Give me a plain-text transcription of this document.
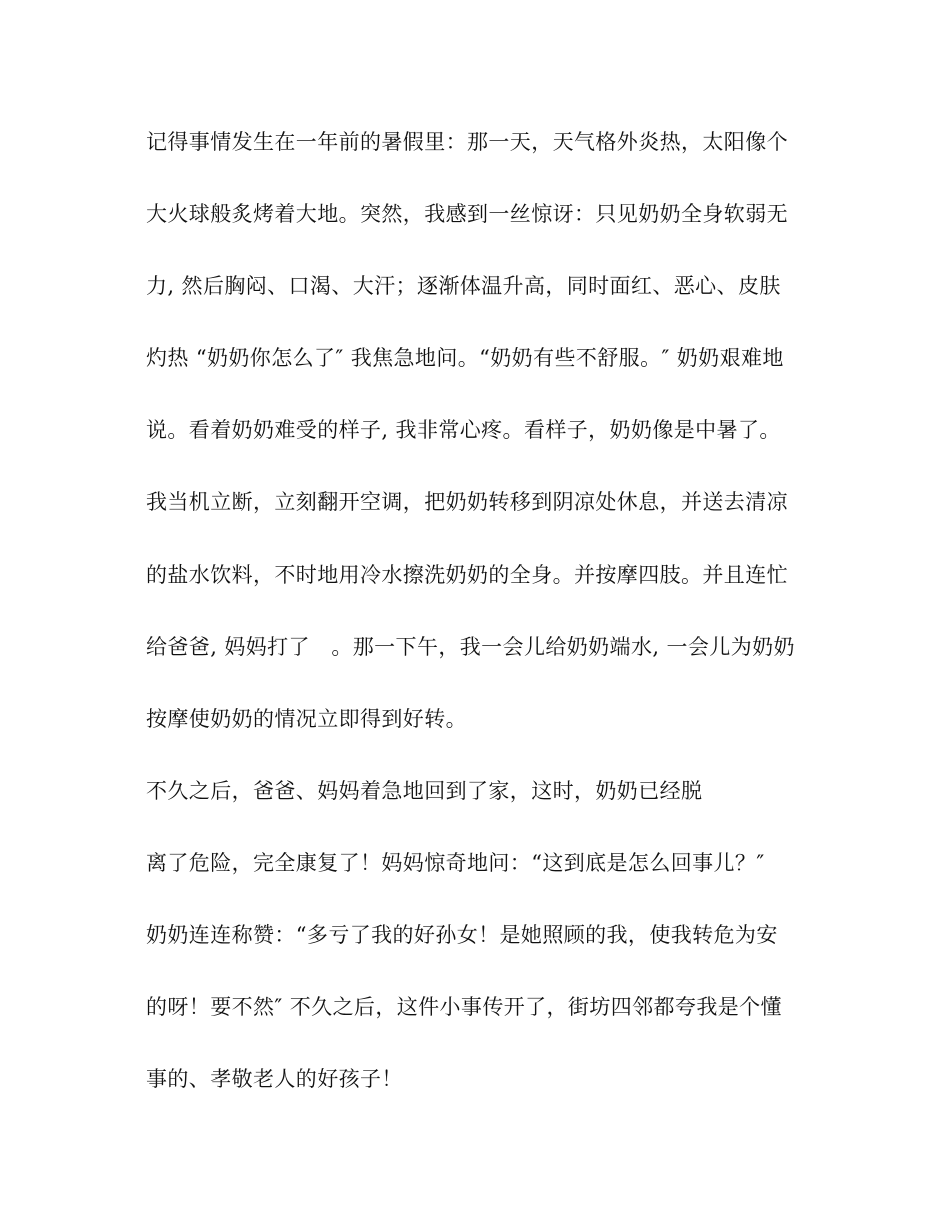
记得事情发生在一年前的暑假里：那一天，天气格外炎热，太阳像个

大火球般炙烤着大地。突然，我感到一丝惊讶：只见奶奶全身软弱无

力, 然后胸闷、口渴、大汗；逐渐体温升高，同时面红、恶心、皮肤

灼热 “奶奶你怎么了″ 我焦急地问。“奶奶有些不舒服。″ 奶奶艰难地

说。看着奶奶难受的样子, 我非常心疼。看样子，奶奶像是中暑了。

我当机立断，立刻翻开空调，把奶奶转移到阴凉处休息，并送去清凉

的盐水饮料，不时地用冷水擦洗奶奶的全身。并按摩四肢。并且连忙

给爸爸, 妈妈打了　。那一下午，我一会儿给奶奶端水, 一会儿为奶奶

按摩使奶奶的情况立即得到好转。

不久之后，爸爸、妈妈着急地回到了家，这时，奶奶已经脱

离了危险，完全康复了！妈妈惊奇地问：“这到底是怎么回事儿？″

奶奶连连称赞：“多亏了我的好孙女！是她照顾的我，使我转危为安

的呀！要不然″ 不久之后，这件小事传开了，街坊四邻都夸我是个懂

事的、孝敬老人的好孩子！
